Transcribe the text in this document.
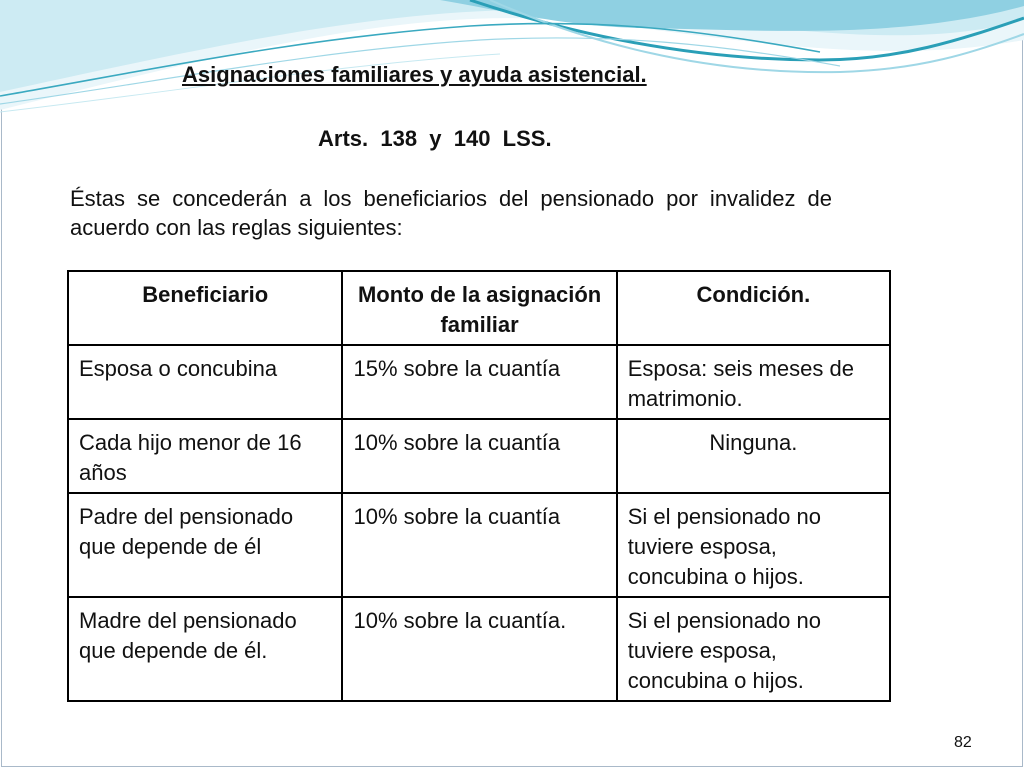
Asignaciones familiares y ayuda asistencial.

Arts.  138  y  140  LSS.

Éstas se concederán a los beneficiarios del pensionado por invalidez de acuerdo con las reglas siguientes:

Beneficiario	Monto de la asignación familiar	Condición.
Esposa o concubina	15% sobre la cuantía	Esposa: seis meses de matrimonio.
Cada hijo menor de 16 años	10% sobre la cuantía	Ninguna.
Padre del pensionado que depende de él	10% sobre la cuantía	Si el pensionado no tuviere esposa, concubina o hijos.
Madre del pensionado que depende de él.	10% sobre la cuantía.	Si el pensionado no tuviere esposa, concubina o hijos.
82
